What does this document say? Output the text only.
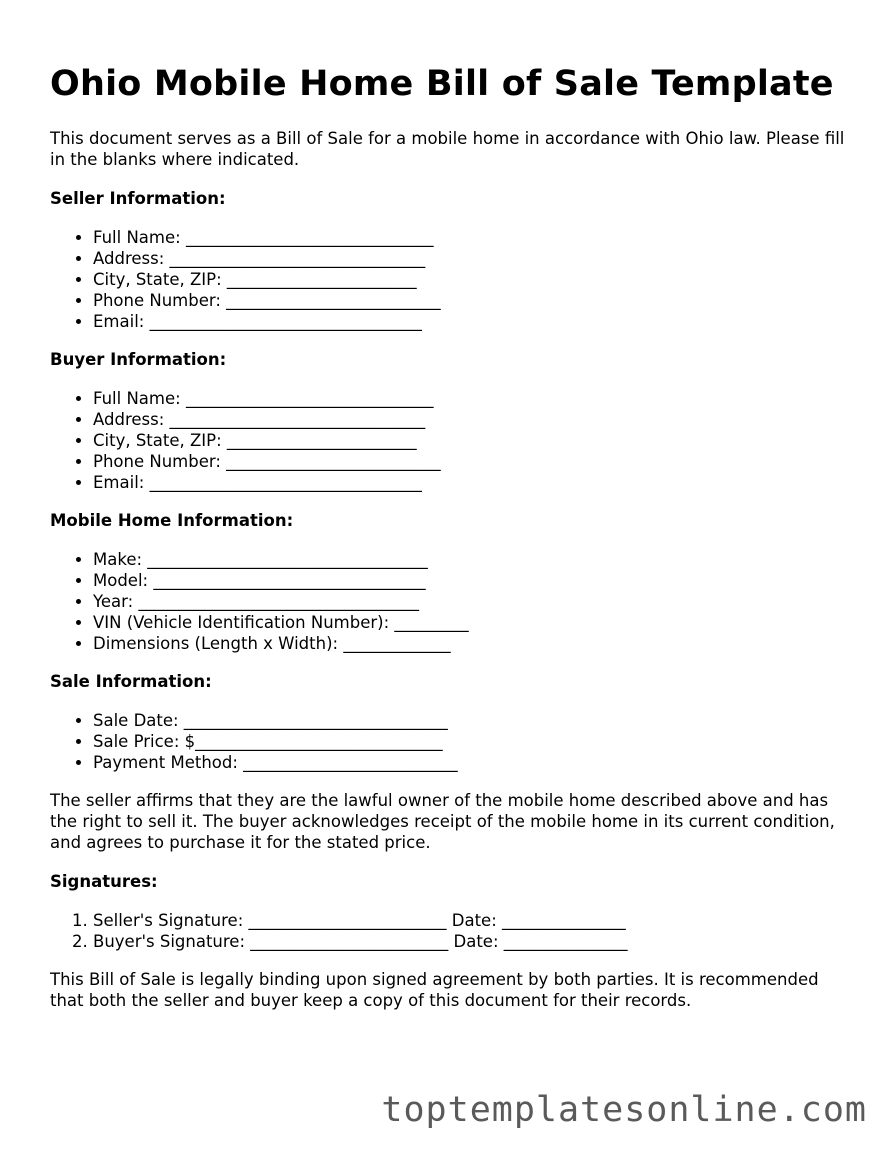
Ohio Mobile Home Bill of Sale Template

This document serves as a Bill of Sale for a mobile home in accordance with Ohio law. Please fill in the blanks where indicated.

Seller Information:
• Full Name: ______________________________
• Address: _______________________________
• City, State, ZIP: _______________________
• Phone Number: __________________________
• Email: _________________________________
Buyer Information:
• Full Name: ______________________________
• Address: _______________________________
• City, State, ZIP: _______________________
• Phone Number: __________________________
• Email: _________________________________
Mobile Home Information:
• Make: __________________________________
• Model: _________________________________
• Year: __________________________________
• VIN (Vehicle Identification Number): _________
• Dimensions (Length x Width): _____________
Sale Information:
• Sale Date: ________________________________
• Sale Price: $______________________________
• Payment Method: __________________________

The seller affirms that they are the lawful owner of the mobile home described above and has the right to sell it. The buyer acknowledges receipt of the mobile home in its current condition, and agrees to purchase it for the stated price.

Signatures:
1. Seller's Signature: ________________________ Date: _______________
2. Buyer's Signature: ________________________ Date: _______________

This Bill of Sale is legally binding upon signed agreement by both parties. It is recommended that both the seller and buyer keep a copy of this document for their records.

toptemplatesonline.com
